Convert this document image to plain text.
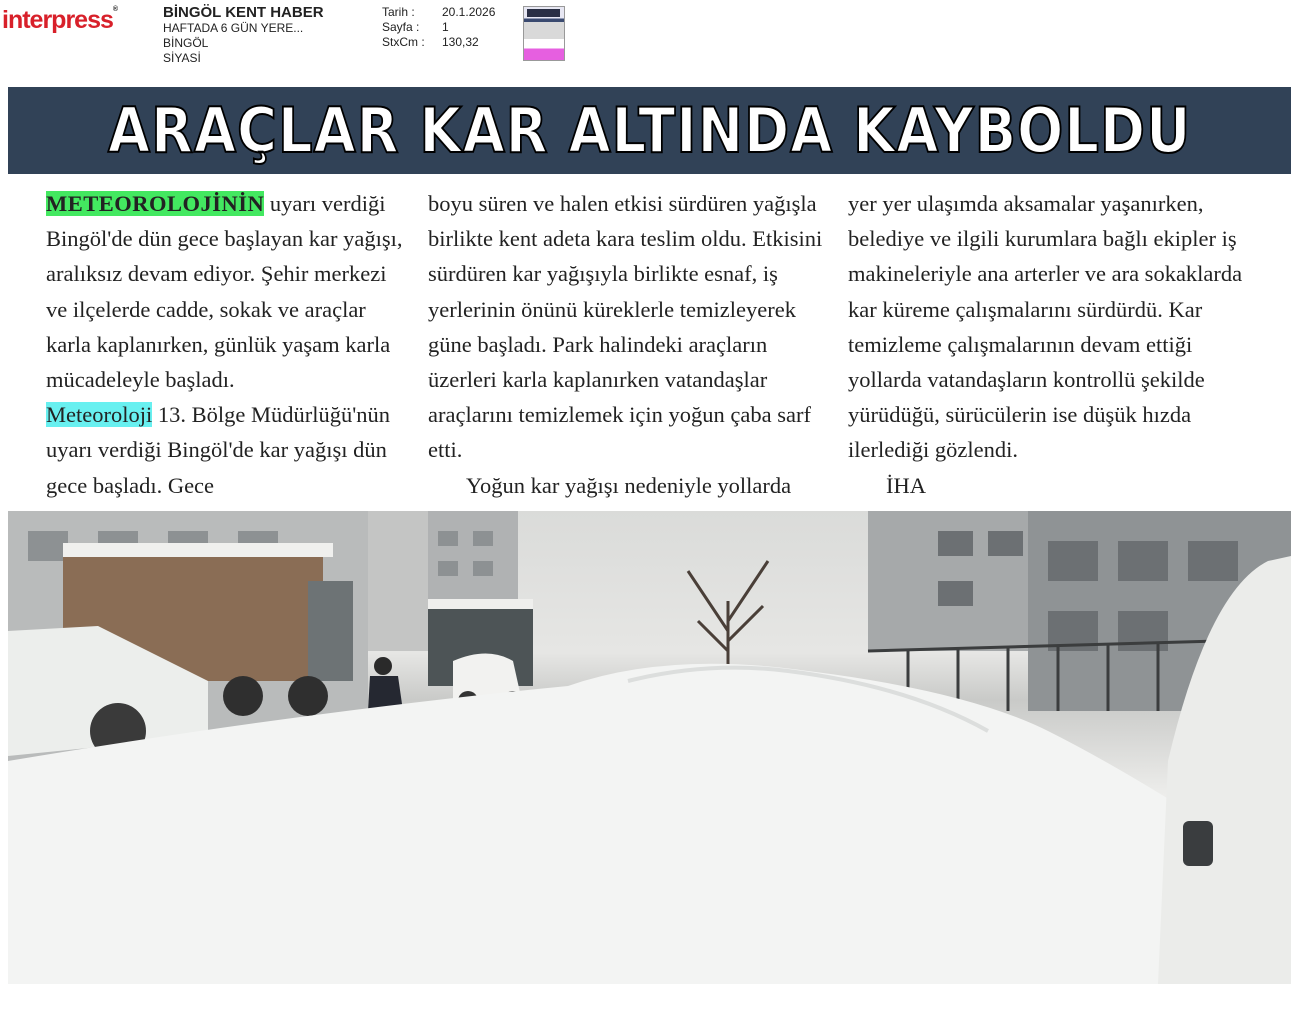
interpress®	BİNGÖL KENT HABER
HAFTADA 6 GÜN YERE...
BİNGÖL
SİYASİ
Tarih :	20.1.2026
Sayfa :	1
StxCm :	130,32
ARAÇLAR KAR ALTINDA KAYBOLDU

METEOROLOJİNİN uyarı verdiği Bingöl'de dün gece başlayan kar yağışı, aralıksız devam ediyor. Şehir merkezi ve ilçelerde cadde, sokak ve araçlar karla kaplanırken, günlük yaşam karla mücadeleyle başladı.

Meteoroloji 13. Bölge Müdürlüğü'nün uyarı verdiği Bingöl'de kar yağışı dün gece başladı. Gece

boyu süren ve halen etkisi sürdüren yağışla birlikte kent adeta kara teslim oldu. Etkisini sürdüren kar yağışıyla birlikte esnaf, iş yerlerinin önünü küreklerle temizleyerek güne başladı. Park halindeki araçların üzerleri karla kaplanırken vatandaşlar araçlarını temizlemek için yoğun çaba sarf etti.

Yoğun kar yağışı nedeniyle yollarda

yer yer ulaşımda aksamalar yaşanırken, belediye ve ilgili kurumlara bağlı ekipler iş makineleriyle ana arterler ve ara sokaklarda kar küreme çalışmalarını sürdürdü. Kar temizleme çalışmalarının devam ettiği yollarda vatandaşların kontrollü şekilde yürüdüğü, sürücülerin ise düşük hızda ilerlediği gözlendi.

İHA
